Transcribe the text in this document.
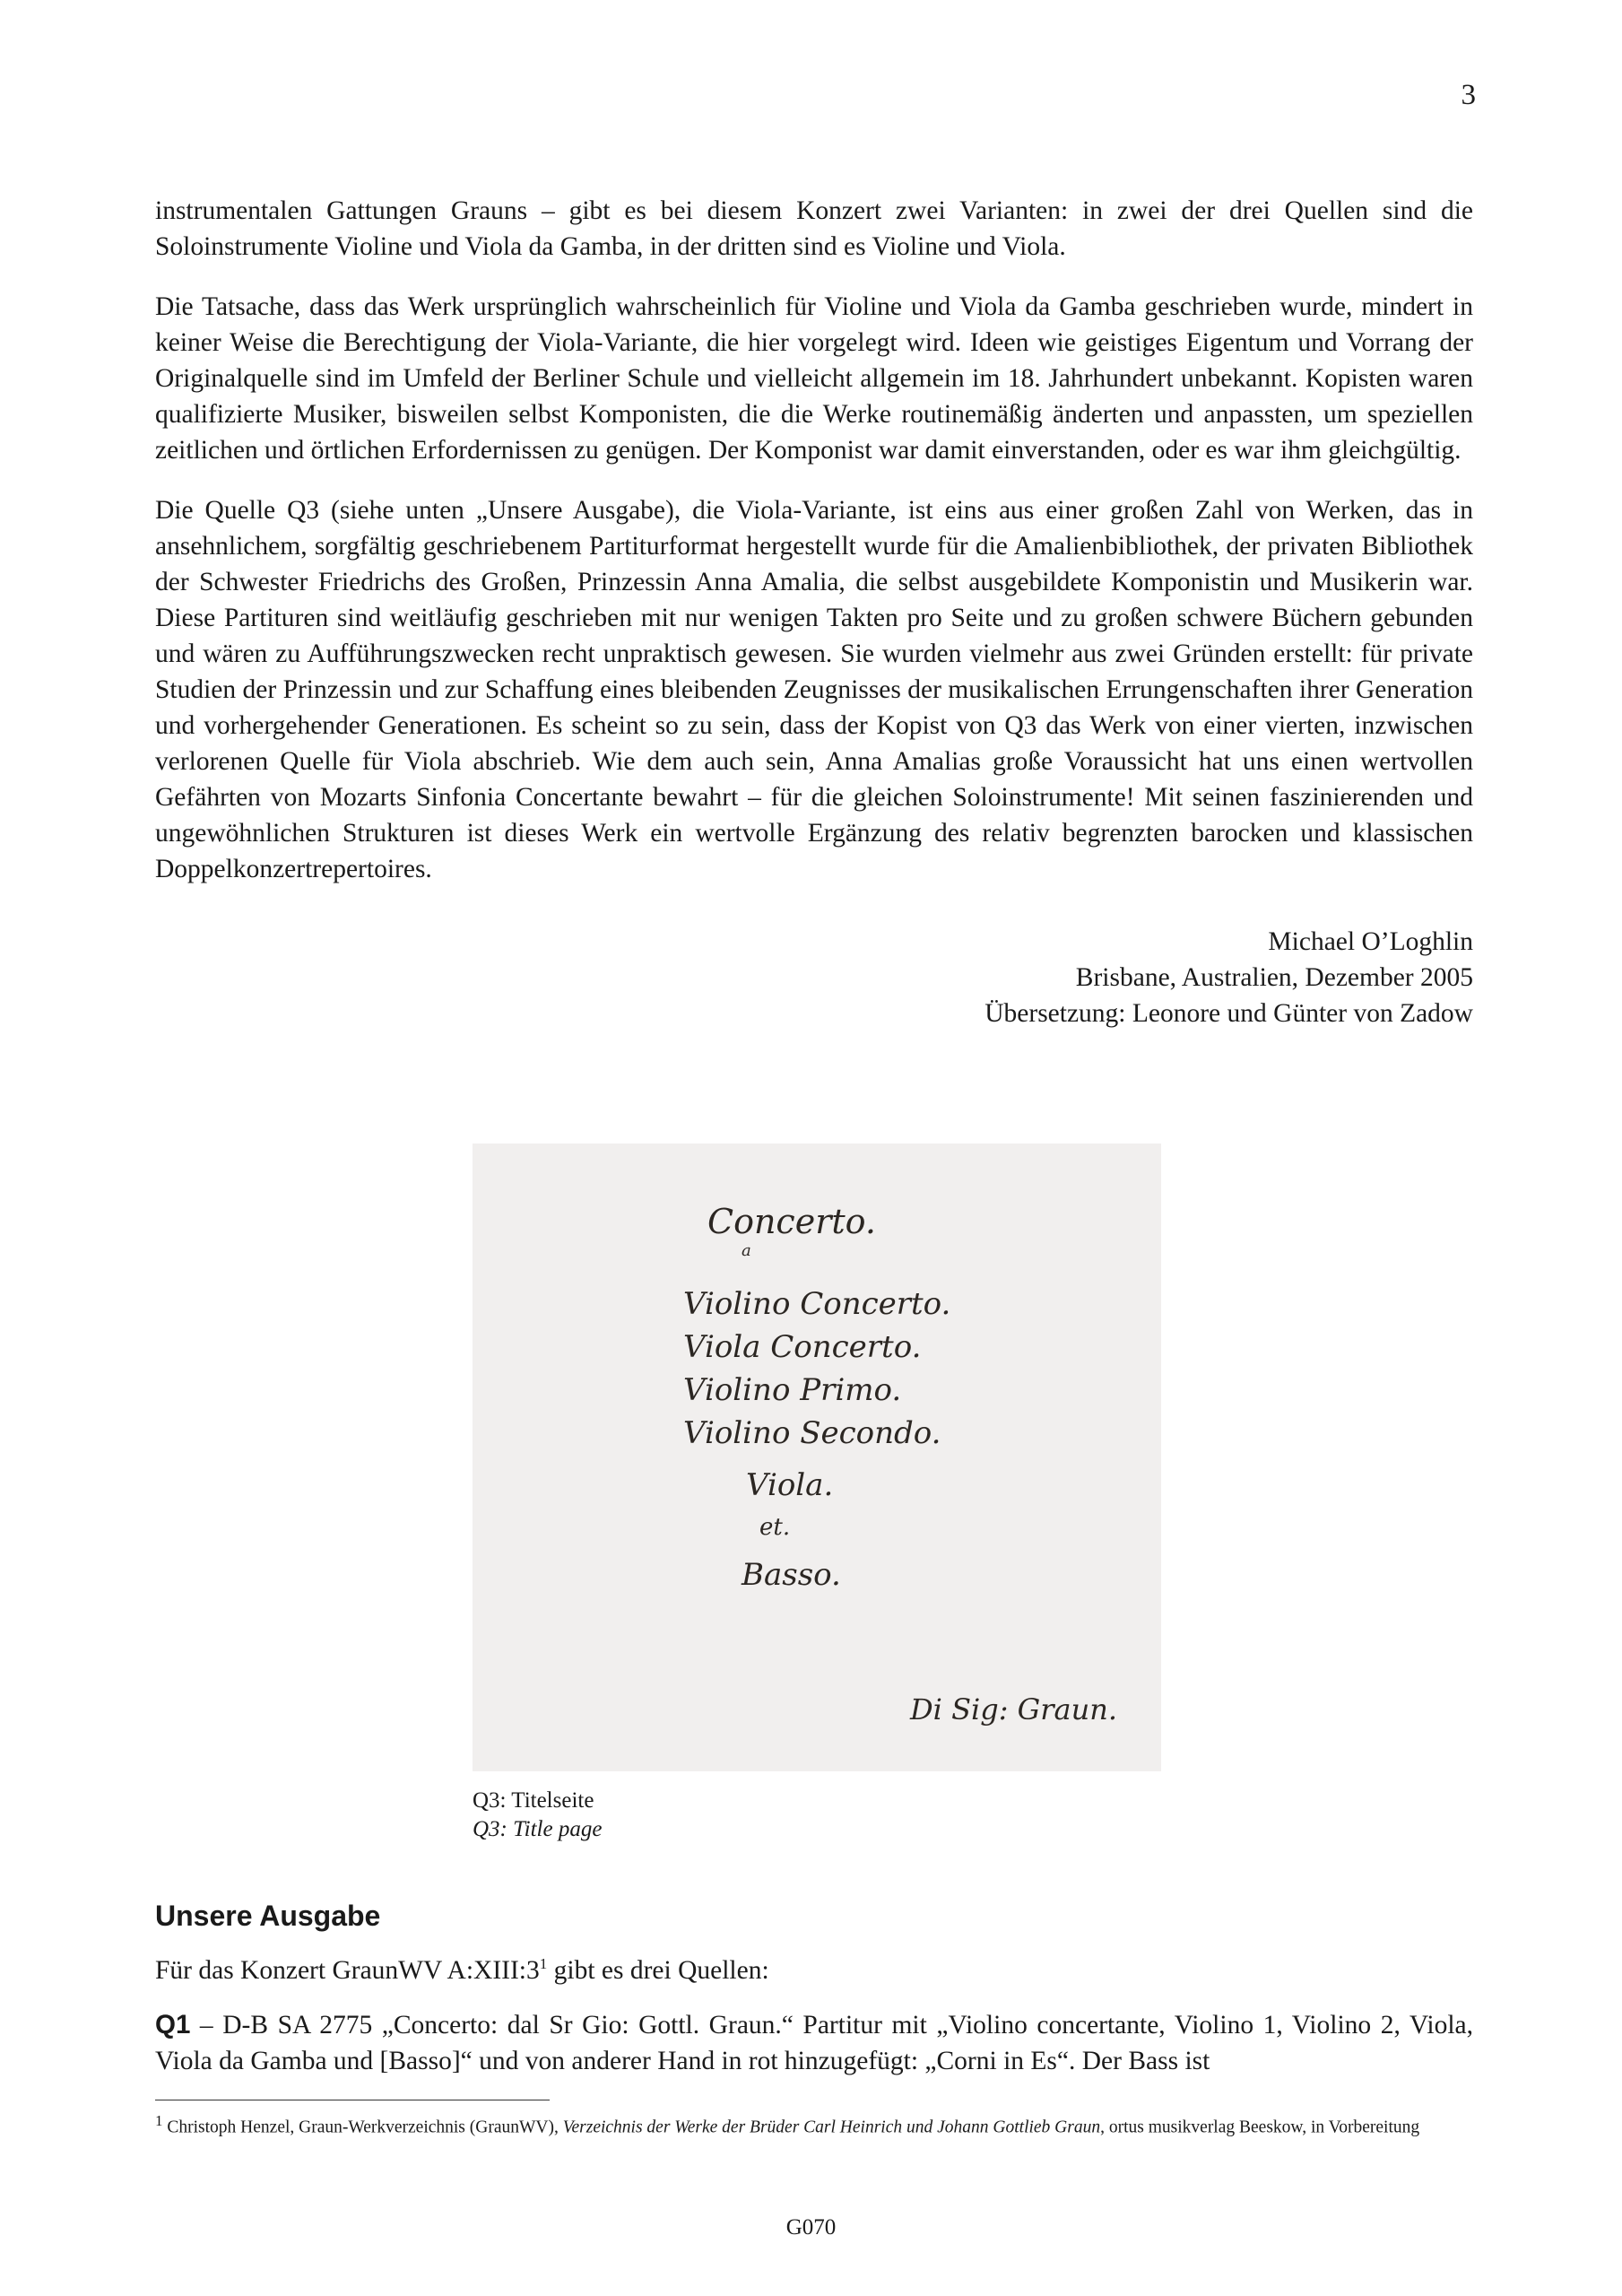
3

instrumentalen Gattungen Grauns – gibt es bei diesem Konzert zwei Varianten: in zwei der drei Quellen sind die Soloinstrumente Violine und Viola da Gamba, in der dritten sind es Violine und Viola.

Die Tatsache, dass das Werk ursprünglich wahrscheinlich für Violine und Viola da Gamba geschrieben wurde, mindert in keiner Weise die Berechtigung der Viola-Variante, die hier vorgelegt wird. Ideen wie geistiges Eigentum und Vorrang der Originalquelle sind im Umfeld der Berliner Schule und vielleicht allgemein im 18. Jahrhundert unbekannt. Kopisten waren qualifizierte Musiker, bisweilen selbst Komponisten, die die Werke routinemäßig änderten und anpassten, um speziellen zeitlichen und örtlichen Erfordernissen zu genügen. Der Komponist war damit einverstanden, oder es war ihm gleichgültig.

Die Quelle Q3 (siehe unten „Unsere Ausgabe), die Viola-Variante, ist eins aus einer großen Zahl von Werken, das in ansehnlichem, sorgfältig geschriebenem Partiturformat hergestellt wurde für die Amalienbibliothek, der privaten Bibliothek der Schwester Friedrichs des Großen, Prinzessin Anna Amalia, die selbst ausgebildete Komponistin und Musikerin war. Diese Partituren sind weitläufig geschrieben mit nur wenigen Takten pro Seite und zu großen schwere Büchern gebunden und wären zu Aufführungszwecken recht unpraktisch gewesen. Sie wurden vielmehr aus zwei Gründen erstellt: für private Studien der Prinzessin und zur Schaffung eines bleibenden Zeugnisses der musikalischen Errungenschaften ihrer Generation und vorhergehender Generationen. Es scheint so zu sein, dass der Kopist von Q3 das Werk von einer vierten, inzwischen verlorenen Quelle für Viola abschrieb. Wie dem auch sein, Anna Amalias große Voraussicht hat uns einen wertvollen Gefährten von Mozarts Sinfonia Concertante bewahrt – für die gleichen Soloinstrumente! Mit seinen faszinierenden und ungewöhnlichen Strukturen ist dieses Werk ein wertvolle Ergänzung des relativ begrenzten barocken und klassischen Doppelkonzertrepertoires.

Michael O’Loghlin
Brisbane, Australien, Dezember 2005
Übersetzung: Leonore und Günter von Zadow
Concerto.
a
Violino Concerto.
Viola Concerto.
Violino Primo.
Violino Secondo.
Viola.
et.
Basso.
Di Sig: Graun.
Q3: Titelseite
Q3: Title page
Unsere Ausgabe
Für das Konzert GraunWV $A:XIII:3^1$ gibt es drei Quellen:
Q1 – D-B SA 2775 „Concerto: dal Sr Gio: Gottl. Graun.“ Partitur mit „Violino concertante, Violino 1, Violino 2, Viola, Viola da Gamba und [Basso]“ und von anderer Hand in rot hinzugefügt: „Corni in Es“. Der Bass ist
$^1$ Christoph Henzel, Graun-Werkverzeichnis (GraunWV), Verzeichnis der Werke der Brüder Carl Heinrich und Johann Gottlieb Graun, ortus musikverlag Beeskow, in Vorbereitung
G070
